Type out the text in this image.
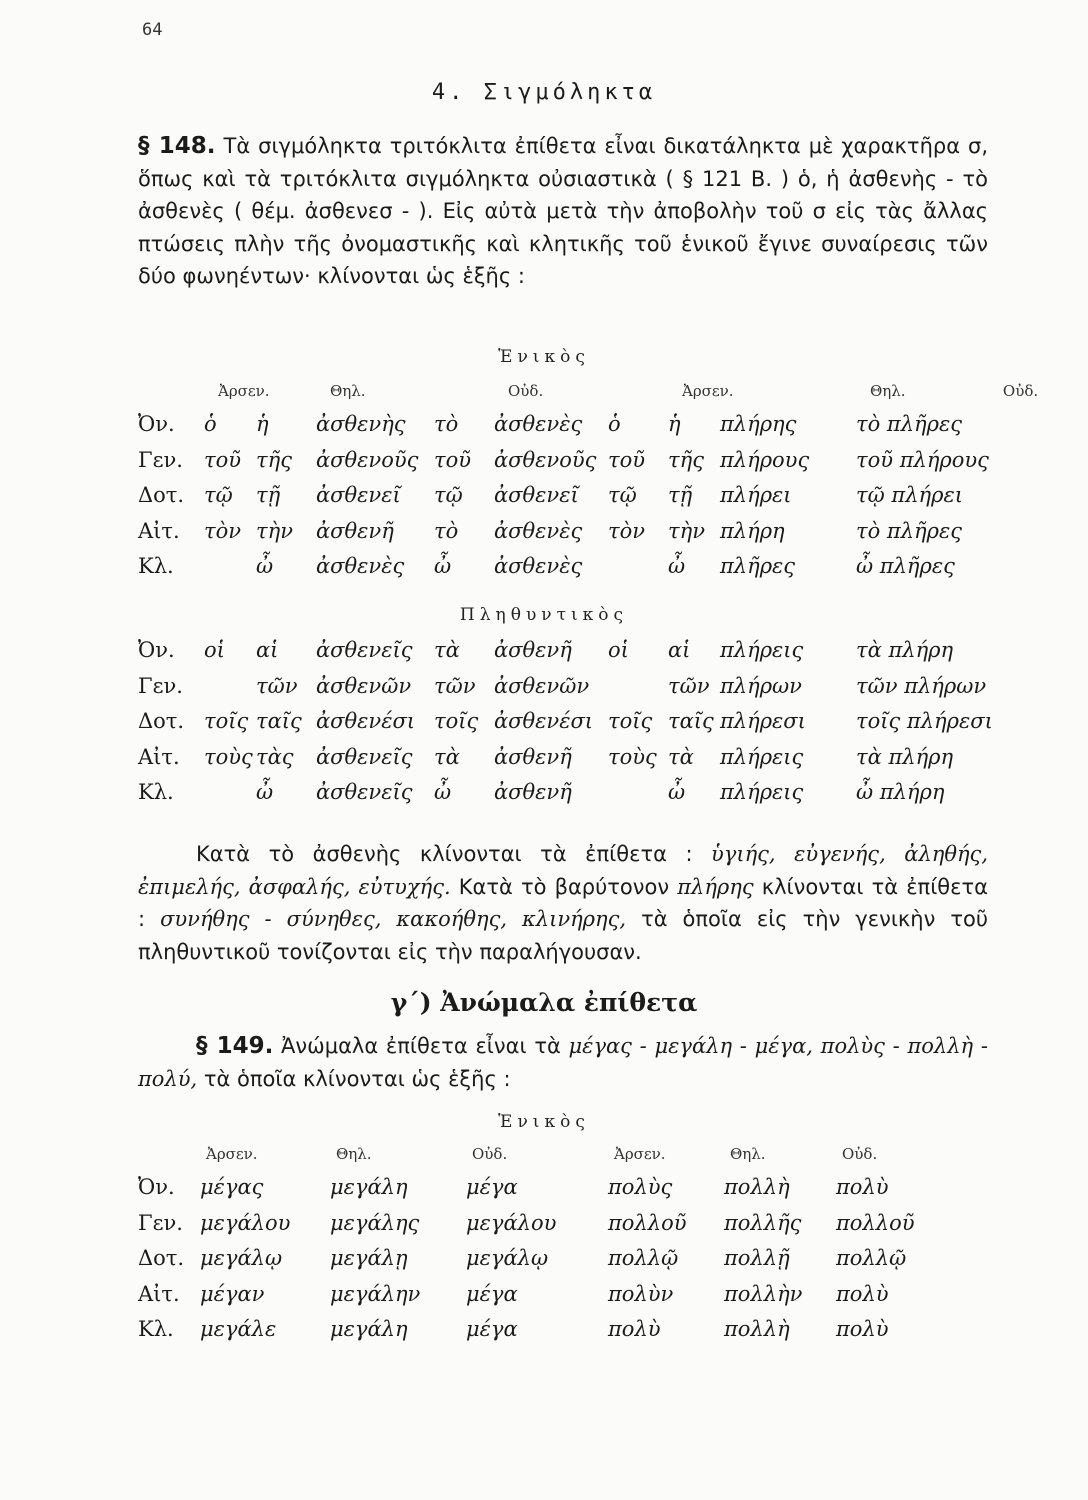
64
4. Σιγμόληκτα
§ 148. Τὰ σιγμόληκτα τριτόκλιτα ἐπίθετα εἶναι δικατάληκτα μὲ χαρακτῆρα σ, ὅπως καὶ τὰ τριτόκλιτα σιγμόληκτα οὐσιαστικὰ ( § 121 Β. ) ὁ, ἡ ἀσθενὴς - τὸ ἀσθενὲς ( θέμ. ἀσθενεσ - ). Εἰς αὐτὰ μετὰ τὴν ἀποβολὴν τοῦ σ εἰς τὰς ἄλλας πτώσεις πλὴν τῆς ὀνομαστικῆς καὶ κλητικῆς τοῦ ἑνικοῦ ἔγινε συναίρεσις τῶν δύο φωνηέντων· κλίνονται ὡς ἑξῆς :
Ἑνικὸς
	Ἀρσεν.		Θηλ.		Οὐδ.		Ἀρσεν.		Θηλ.	Οὐδ.
Ὀν.	ὁ	ἡ	ἀσθενὴς	τὸ	ἀσθενὲς	ὁ	ἡ	πλήρης	τὸ πλῆρες	
Γεν.	τοῦ	τῆς	ἀσθενοῦς	τοῦ	ἀσθενοῦς	τοῦ	τῆς	πλήρους	τοῦ πλήρους	
Δοτ.	τῷ	τῇ	ἀσθενεῖ	τῷ	ἀσθενεῖ	τῷ	τῇ	πλήρει	τῷ πλήρει	
Αἰτ.	τὸν	τὴν	ἀσθενῆ	τὸ	ἀσθενὲς	τὸν	τὴν	πλήρη	τὸ πλῆρες	
Κλ.		ὦ	ἀσθενὲς	ὦ	ἀσθενὲς		ὦ	πλῆρες	ὦ πλῆρες	
Πληθυντικὸς
Ὀν.	οἱ	αἱ	ἀσθενεῖς	τὰ	ἀσθενῆ	οἱ	αἱ	πλήρεις	τὰ πλήρη
Γεν.		τῶν	ἀσθενῶν	τῶν	ἀσθενῶν		τῶν	πλήρων	τῶν πλήρων
Δοτ.	τοῖς	ταῖς	ἀσθενέσι	τοῖς	ἀσθενέσι	τοῖς	ταῖς	πλήρεσι	τοῖς πλήρεσι
Αἰτ.	τοὺς	τὰς	ἀσθενεῖς	τὰ	ἀσθενῆ	τοὺς	τὰ	πλήρεις	τὰ πλήρη
Κλ.		ὦ	ἀσθενεῖς	ὦ	ἀσθενῆ		ὦ	πλήρεις	ὦ πλήρη
Κατὰ τὸ ἀσθενὴς κλίνονται τὰ ἐπίθετα : ὑγιής, εὐγενής, ἀληθής, ἐπιμελής, ἀσφαλής, εὐτυχής. Κατὰ τὸ βαρύτονον πλήρης κλίνονται τὰ ἐπίθετα : συνήθης - σύνηθες, κακοήθης, κλινήρης, τὰ ὁποῖα εἰς τὴν γενικὴν τοῦ πληθυντικοῦ τονίζονται εἰς τὴν παραλήγουσαν.
γ΄) Ἀνώμαλα ἐπίθετα
§ 149. Ἀνώμαλα ἐπίθετα εἶναι τὰ μέγας - μεγάλη - μέγα, πολὺς - πολλὴ - πολύ, τὰ ὁποῖα κλίνονται ὡς ἑξῆς :
Ἑνικὸς
	Ἀρσεν.	Θηλ.	Οὐδ.	Ἀρσεν.	Θηλ.	Οὐδ.
Ὀν.	μέγας	μεγάλη	μέγα	πολὺς	πολλὴ	πολὺ
Γεν.	μεγάλου	μεγάλης	μεγάλου	πολλοῦ	πολλῆς	πολλοῦ
Δοτ.	μεγάλῳ	μεγάλῃ	μεγάλῳ	πολλῷ	πολλῇ	πολλῷ
Αἰτ.	μέγαν	μεγάλην	μέγα	πολὺν	πολλὴν	πολὺ
Κλ.	μεγάλε	μεγάλη	μέγα	πολὺ	πολλὴ	πολὺ
